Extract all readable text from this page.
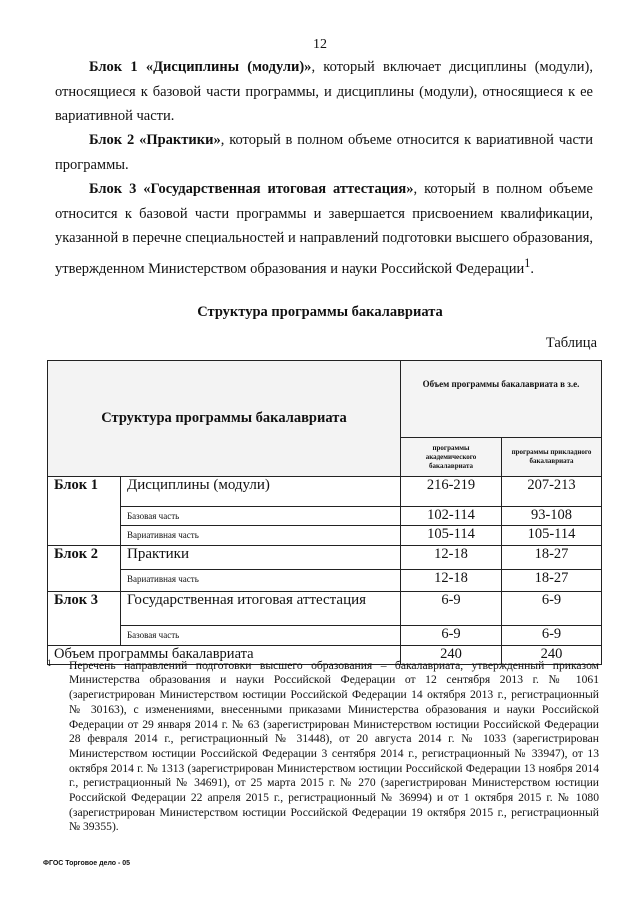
12

Блок 1 «Дисциплины (модули)», который включает дисциплины (модули), относящиеся к базовой части программы, и дисциплины (модули), относящиеся к ее вариативной части.

Блок 2 «Практики», который в полном объеме относится к вариативной части программы.

Блок 3 «Государственная итоговая аттестация», который в полном объеме относится к базовой части программы и завершается присвоением квалификации, указанной в перечне специальностей и направлений подготовки высшего образования, утвержденном Министерством образования и науки Российской Федерации$^1$.

Структура программы бакалавриата
Таблица
Структура программы бакалавриата		Объем программы бакалавриата в з.е.	
		программы академического бакалавриата	программы прикладного бакалавриата
Блок 1	Дисциплины (модули)	216-219	207-213
	Базовая часть	102-114	93-108
	Вариативная часть	105-114	105-114
Блок 2	Практики	12-18	18-27
	Вариативная часть	12-18	18-27
Блок 3	Государственная итоговая аттестация	6-9	6-9
	Базовая часть	6-9	6-9
Объем программы бакалавриата		240	240

$^1$ Перечень направлений подготовки высшего образования – бакалавриата, утвержденный приказом Министерства образования и науки Российской Федерации от 12 сентября 2013 г. № 1061 (зарегистрирован Министерством юстиции Российской Федерации 14 октября 2013 г., регистрационный № 30163), с изменениями, внесенными приказами Министерства образования и науки Российской Федерации от 29 января 2014 г. № 63 (зарегистрирован Министерством юстиции Российской Федерации 28 февраля 2014 г., регистрационный № 31448), от 20 августа 2014 г. № 1033 (зарегистрирован Министерством юстиции Российской Федерации 3 сентября 2014 г., регистрационный № 33947), от 13 октября 2014 г. № 1313 (зарегистрирован Министерством юстиции Российской Федерации 13 ноября 2014 г., регистрационный № 34691), от 25 марта 2015 г. № 270 (зарегистрирован Министерством юстиции Российской Федерации 22 апреля 2015 г., регистрационный № 36994) и от 1 октября 2015 г. № 1080 (зарегистрирован Министерством юстиции Российской Федерации 19 октября 2015 г., регистрационный № 39355).

ФГОС Торговое дело - 05
